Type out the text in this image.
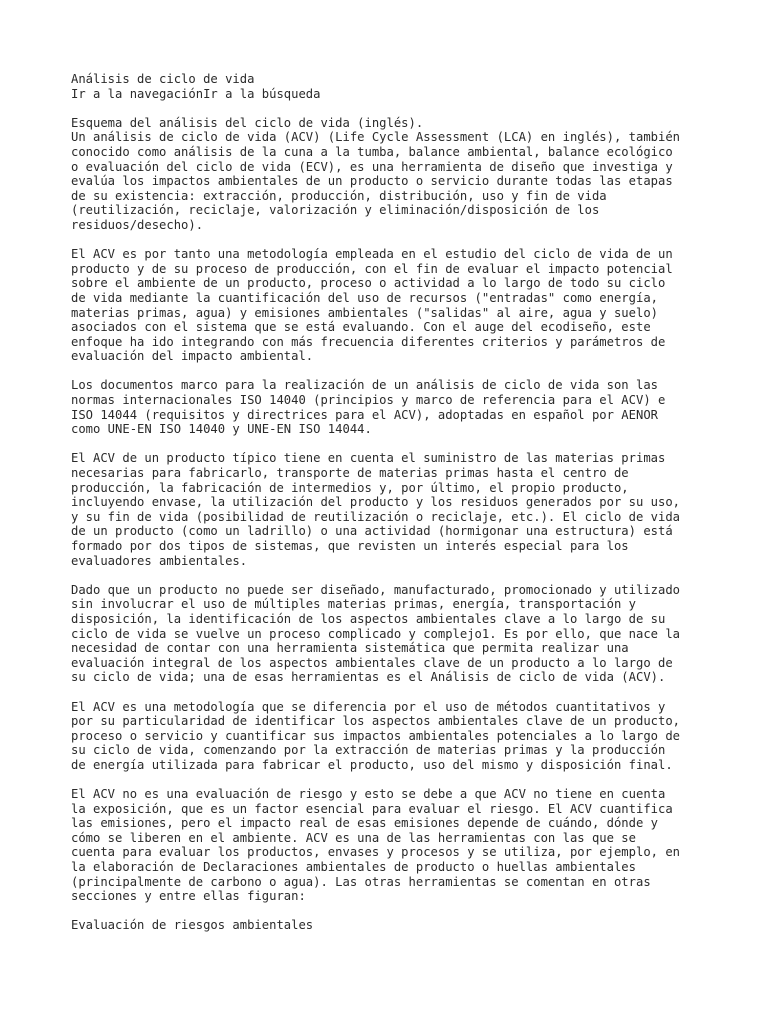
Análisis de ciclo de vida
Ir a la navegaciónIr a la búsqueda
Esquema del análisis del ciclo de vida (inglés).
Un análisis de ciclo de vida (ACV) (Life Cycle Assessment (LCA) en inglés), también
conocido como análisis de la cuna a la tumba, balance ambiental, balance ecológico
o evaluación del ciclo de vida (ECV), es una herramienta de diseño que investiga y
evalúa los impactos ambientales de un producto o servicio durante todas las etapas
de su existencia: extracción, producción, distribución, uso y fin de vida
(reutilización, reciclaje, valorización y eliminación/disposición de los
residuos/desecho).
El ACV es por tanto una metodología empleada en el estudio del ciclo de vida de un
producto y de su proceso de producción, con el fin de evaluar el impacto potencial
sobre el ambiente de un producto, proceso o actividad a lo largo de todo su ciclo
de vida mediante la cuantificación del uso de recursos ("entradas" como energía,
materias primas, agua) y emisiones ambientales ("salidas" al aire, agua y suelo)
asociados con el sistema que se está evaluando. Con el auge del ecodiseño, este
enfoque ha ido integrando con más frecuencia diferentes criterios y parámetros de
evaluación del impacto ambiental.
Los documentos marco para la realización de un análisis de ciclo de vida son las
normas internacionales ISO 14040 (principios y marco de referencia para el ACV) e
ISO 14044 (requisitos y directrices para el ACV), adoptadas en español por AENOR
como UNE-EN ISO 14040 y UNE-EN ISO 14044.
El ACV de un producto típico tiene en cuenta el suministro de las materias primas
necesarias para fabricarlo, transporte de materias primas hasta el centro de
producción, la fabricación de intermedios y, por último, el propio producto,
incluyendo envase, la utilización del producto y los residuos generados por su uso,
y su fin de vida (posibilidad de reutilización o reciclaje, etc.). El ciclo de vida
de un producto (como un ladrillo) o una actividad (hormigonar una estructura) está
formado por dos tipos de sistemas, que revisten un interés especial para los
evaluadores ambientales.
Dado que un producto no puede ser diseñado, manufacturado, promocionado y utilizado
sin involucrar el uso de múltiples materias primas, energía, transportación y
disposición, la identificación de los aspectos ambientales clave a lo largo de su
ciclo de vida se vuelve un proceso complicado y complejo1. Es por ello, que nace la
necesidad de contar con una herramienta sistemática que permita realizar una
evaluación integral de los aspectos ambientales clave de un producto a lo largo de
su ciclo de vida; una de esas herramientas es el Análisis de ciclo de vida (ACV).
El ACV es una metodología que se diferencia por el uso de métodos cuantitativos y
por su particularidad de identificar los aspectos ambientales clave de un producto,
proceso o servicio y cuantificar sus impactos ambientales potenciales a lo largo de
su ciclo de vida, comenzando por la extracción de materias primas y la producción
de energía utilizada para fabricar el producto, uso del mismo y disposición final.
El ACV no es una evaluación de riesgo y esto se debe a que ACV no tiene en cuenta
la exposición, que es un factor esencial para evaluar el riesgo. El ACV cuantifica
las emisiones, pero el impacto real de esas emisiones depende de cuándo, dónde y
cómo se liberen en el ambiente. ACV es una de las herramientas con las que se
cuenta para evaluar los productos, envases y procesos y se utiliza, por ejemplo, en
la elaboración de Declaraciones ambientales de producto o huellas ambientales
(principalmente de carbono o agua). Las otras herramientas se comentan en otras
secciones y entre ellas figuran:
Evaluación de riesgos ambientales
